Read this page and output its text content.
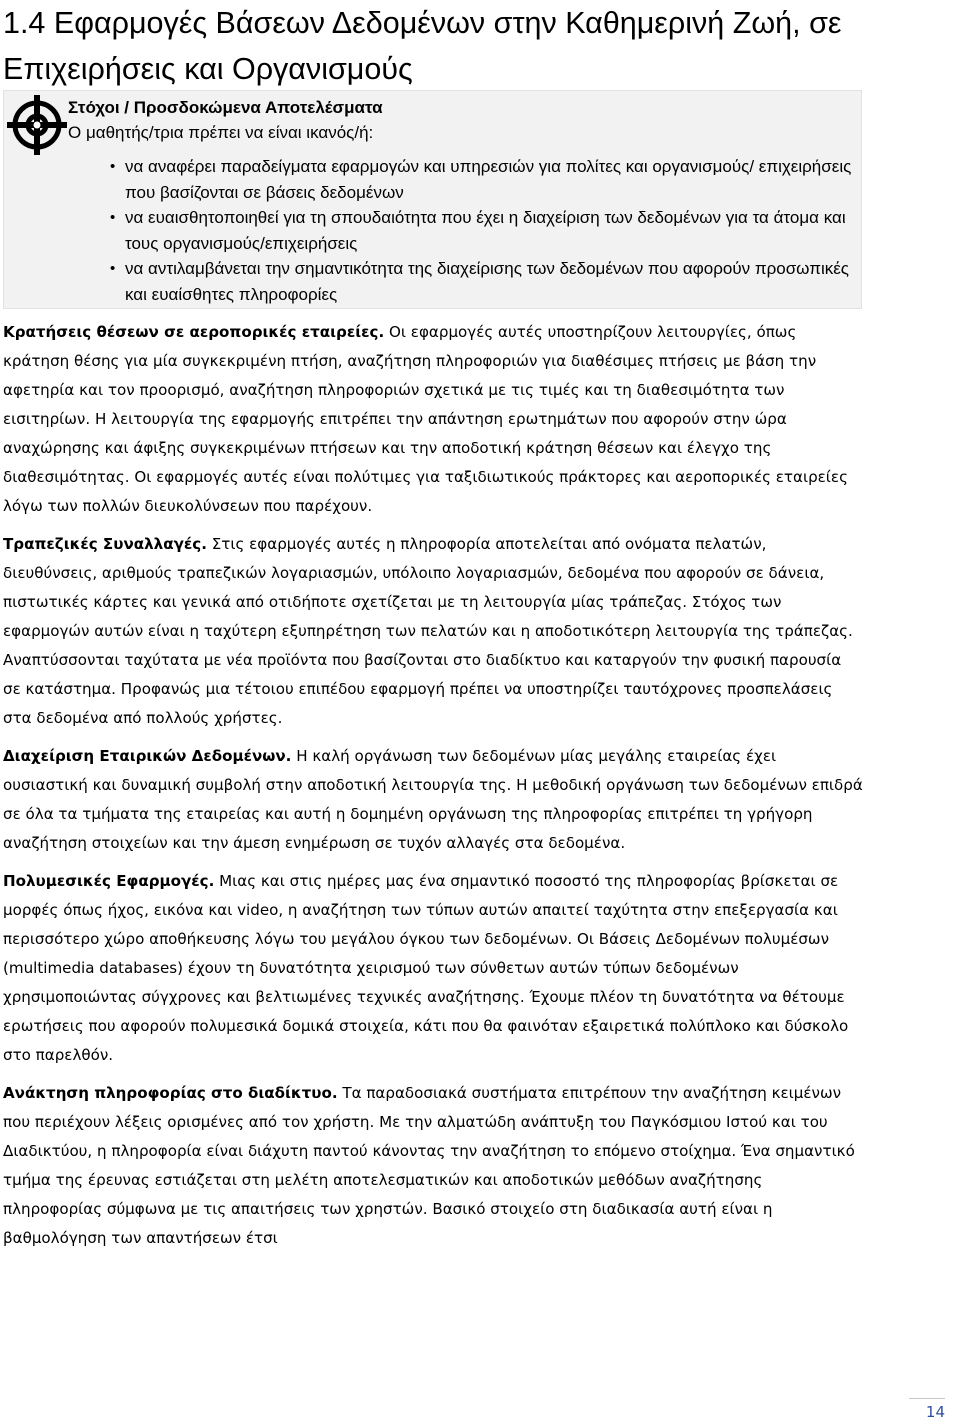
1.4 Εφαρμογές Βάσεων Δεδομένων στην Καθημερινή Ζωή, σε Επιχειρήσεις και Οργανισμούς
Στόχοι / Προσδοκώμενα Αποτελέσματα
Ο μαθητής/τρια πρέπει να είναι ικανός/ή:
• να αναφέρει παραδείγματα εφαρμογών και υπηρεσιών για πολίτες και οργανισμούς/ επιχειρήσεις που βασίζονται σε βάσεις δεδομένων
• να ευαισθητοποιηθεί για τη σπουδαιότητα που έχει η διαχείριση των δεδομένων για τα άτομα και τους οργανισμούς/επιχειρήσεις
• να αντιλαμβάνεται την σημαντικότητα της διαχείρισης των δεδομένων που αφορούν προσωπικές και ευαίσθητες πληροφορίες

Κρατήσεις θέσεων σε αεροπορικές εταιρείες. Οι εφαρμογές αυτές υποστηρίζουν λειτουργίες, όπως κράτηση θέσης για μία συγκεκριμένη πτήση, αναζήτηση πληροφοριών για διαθέσιμες πτήσεις με βάση την αφετηρία και τον προορισμό, αναζήτηση πληροφοριών σχετικά με τις τιμές και τη διαθεσιμότητα των εισιτηρίων. Η λειτουργία της εφαρμογής επιτρέπει την απάντηση ερωτημάτων που αφορούν στην ώρα αναχώρησης και άφιξης συγκεκριμένων πτήσεων και την αποδοτική κράτηση θέσεων και έλεγχο της διαθεσιμότητας. Οι εφαρμογές αυτές είναι πολύτιμες για ταξιδιωτικούς πράκτορες και αεροπορικές εταιρείες λόγω των πολλών διευκολύνσεων που παρέχουν.

Τραπεζικές Συναλλαγές. Στις εφαρμογές αυτές η πληροφορία αποτελείται από ονόματα πελατών, διευθύνσεις, αριθμούς τραπεζικών λογαριασμών, υπόλοιπο λογαριασμών, δεδομένα που αφορούν σε δάνεια, πιστωτικές κάρτες και γενικά από οτιδήποτε σχετίζεται με τη λειτουργία μίας τράπεζας. Στόχος των εφαρμογών αυτών είναι η ταχύτερη εξυπηρέτηση των πελατών και η αποδοτικότερη λειτουργία της τράπεζας. Αναπτύσσονται ταχύτατα με νέα προϊόντα που βασίζονται στο διαδίκτυο και καταργούν την φυσική παρουσία σε κατάστημα. Προφανώς μια τέτοιου επιπέδου εφαρμογή πρέπει να υποστηρίζει ταυτόχρονες προσπελάσεις στα δεδομένα από πολλούς χρήστες.

Διαχείριση Εταιρικών Δεδομένων. Η καλή οργάνωση των δεδομένων μίας μεγάλης εταιρείας έχει ουσιαστική και δυναμική συμβολή στην αποδοτική λειτουργία της. Η μεθοδική οργάνωση των δεδομένων επιδρά σε όλα τα τμήματα της εταιρείας και αυτή η δομημένη οργάνωση της πληροφορίας επιτρέπει τη γρήγορη αναζήτηση στοιχείων και την άμεση ενημέρωση σε τυχόν αλλαγές στα δεδομένα.

Πολυμεσικές Εφαρμογές. Μιας και στις ημέρες μας ένα σημαντικό ποσοστό της πληροφορίας βρίσκεται σε μορφές όπως ήχος, εικόνα και video, η αναζήτηση των τύπων αυτών απαιτεί ταχύτητα στην επεξεργασία και περισσότερο χώρο αποθήκευσης λόγω του μεγάλου όγκου των δεδομένων. Οι Βάσεις Δεδομένων πολυμέσων (multimedia databases) έχουν τη δυνατότητα χειρισμού των σύνθετων αυτών τύπων δεδομένων χρησιμοποιώντας σύγχρονες και βελτιωμένες τεχνικές αναζήτησης. Έχουμε πλέον τη δυνατότητα να θέτουμε ερωτήσεις που αφορούν πολυμεσικά δομικά στοιχεία, κάτι που θα φαινόταν εξαιρετικά πολύπλοκο και δύσκολο στο παρελθόν.

Ανάκτηση πληροφορίας στο διαδίκτυο. Τα παραδοσιακά συστήματα επιτρέπουν την αναζήτηση κειμένων που περιέχουν λέξεις ορισμένες από τον χρήστη. Με την αλματώδη ανάπτυξη του Παγκόσμιου Ιστού και του Διαδικτύου, η πληροφορία είναι διάχυτη παντού κάνοντας την αναζήτηση το επόμενο στοίχημα. Ένα σημαντικό τμήμα της έρευνας εστιάζεται στη μελέτη αποτελεσματικών και αποδοτικών μεθόδων αναζήτησης πληροφορίας σύμφωνα με τις απαιτήσεις των χρηστών. Βασικό στοιχείο στη διαδικασία αυτή είναι η βαθμολόγηση των απαντήσεων έτσι

14
